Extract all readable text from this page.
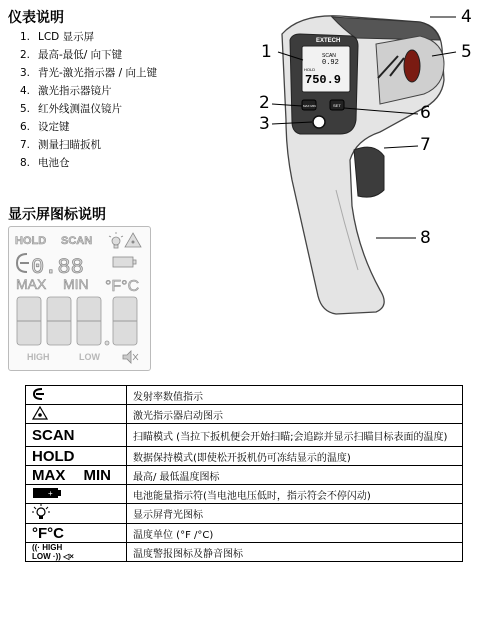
仪表说明
1. LCD 显示屏
2. 最高-最低/ 向下键
3. 背光-激光指示器 / 向上键
4. 激光指示器镜片
5. 红外线测温仪镜片
6. 设定键
7. 测量扫瞄扳机
8. 电池仓
EXTECH
SCAN
0.92
HOLD
750.9
MAX MIN	SET
1
2
3
4
5
6
7
8
显示屏图标说明
HOLD SCAN
0.88
MAX MIN °F°C
HIGH	LOW
	发射率数值指示
	激光指示器启动图示
SCAN	扫瞄模式 (当拉下扳机便会开始扫瞄;会追踪并显示扫瞄目标表面的温度)
HOLD	数据保持模式(即使松开扳机仍可冻结显示的温度)
MAX MIN	最高/ 最低温度图标

+	电池能量指示符(当电池电压低时，指示符会不停闪动)
	显示屏背光图标
°F°C	温度单位 (°F /°C)

((· HIGH
LOW ·)) ◁×	温度警报图标及静音图标
